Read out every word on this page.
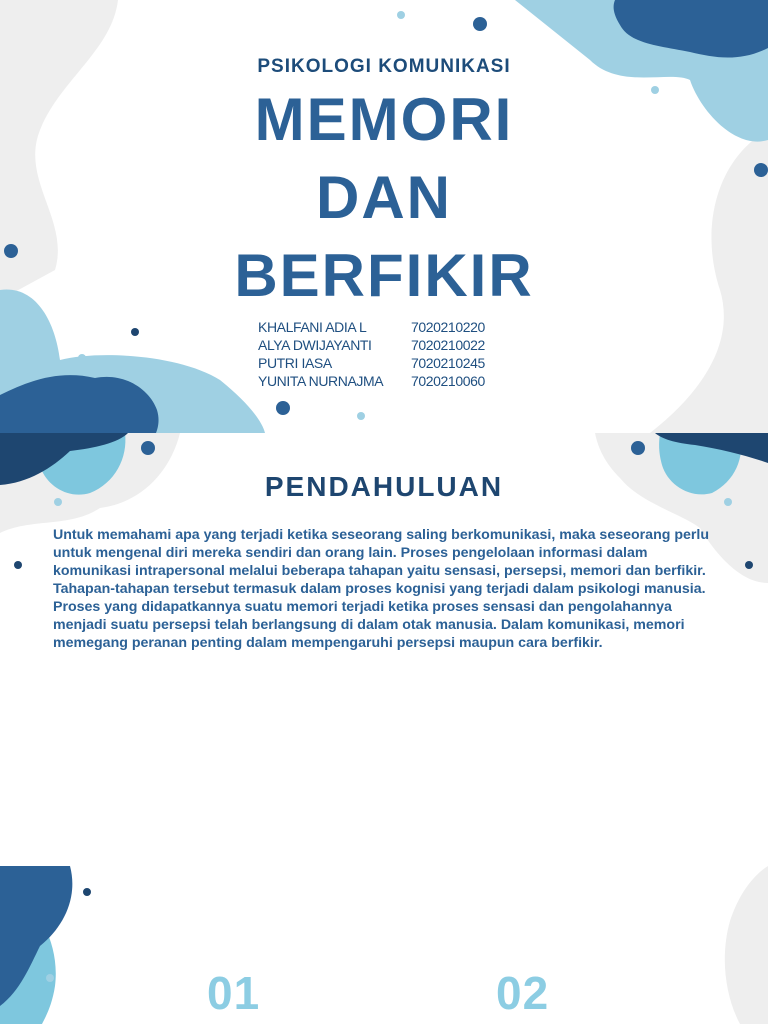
PSIKOLOGI KOMUNIKASI
MEMORI
DAN
BERFIKIR
KHALFANI ADIA L	7020210220
ALYA DWIJAYANTI	7020210022
PUTRI IASA	7020210245
YUNITA NURNAJMA	7020210060
PENDAHULUAN
Untuk memahami apa yang terjadi ketika seseorang saling berkomunikasi, maka seseorang perlu untuk mengenal diri mereka sendiri dan orang lain. Proses pengelolaan informasi dalam komunikasi intrapersonal melalui beberapa tahapan yaitu sensasi, persepsi, memori dan berfikir. Tahapan-tahapan tersebut termasuk dalam proses kognisi yang terjadi dalam psikologi manusia. Proses yang didapatkannya suatu memori terjadi ketika proses sensasi dan pengolahannya menjadi suatu persepsi telah berlangsung di dalam otak manusia. Dalam komunikasi, memori memegang peranan penting dalam mempengaruhi persepsi maupun cara berfikir.
01	02
